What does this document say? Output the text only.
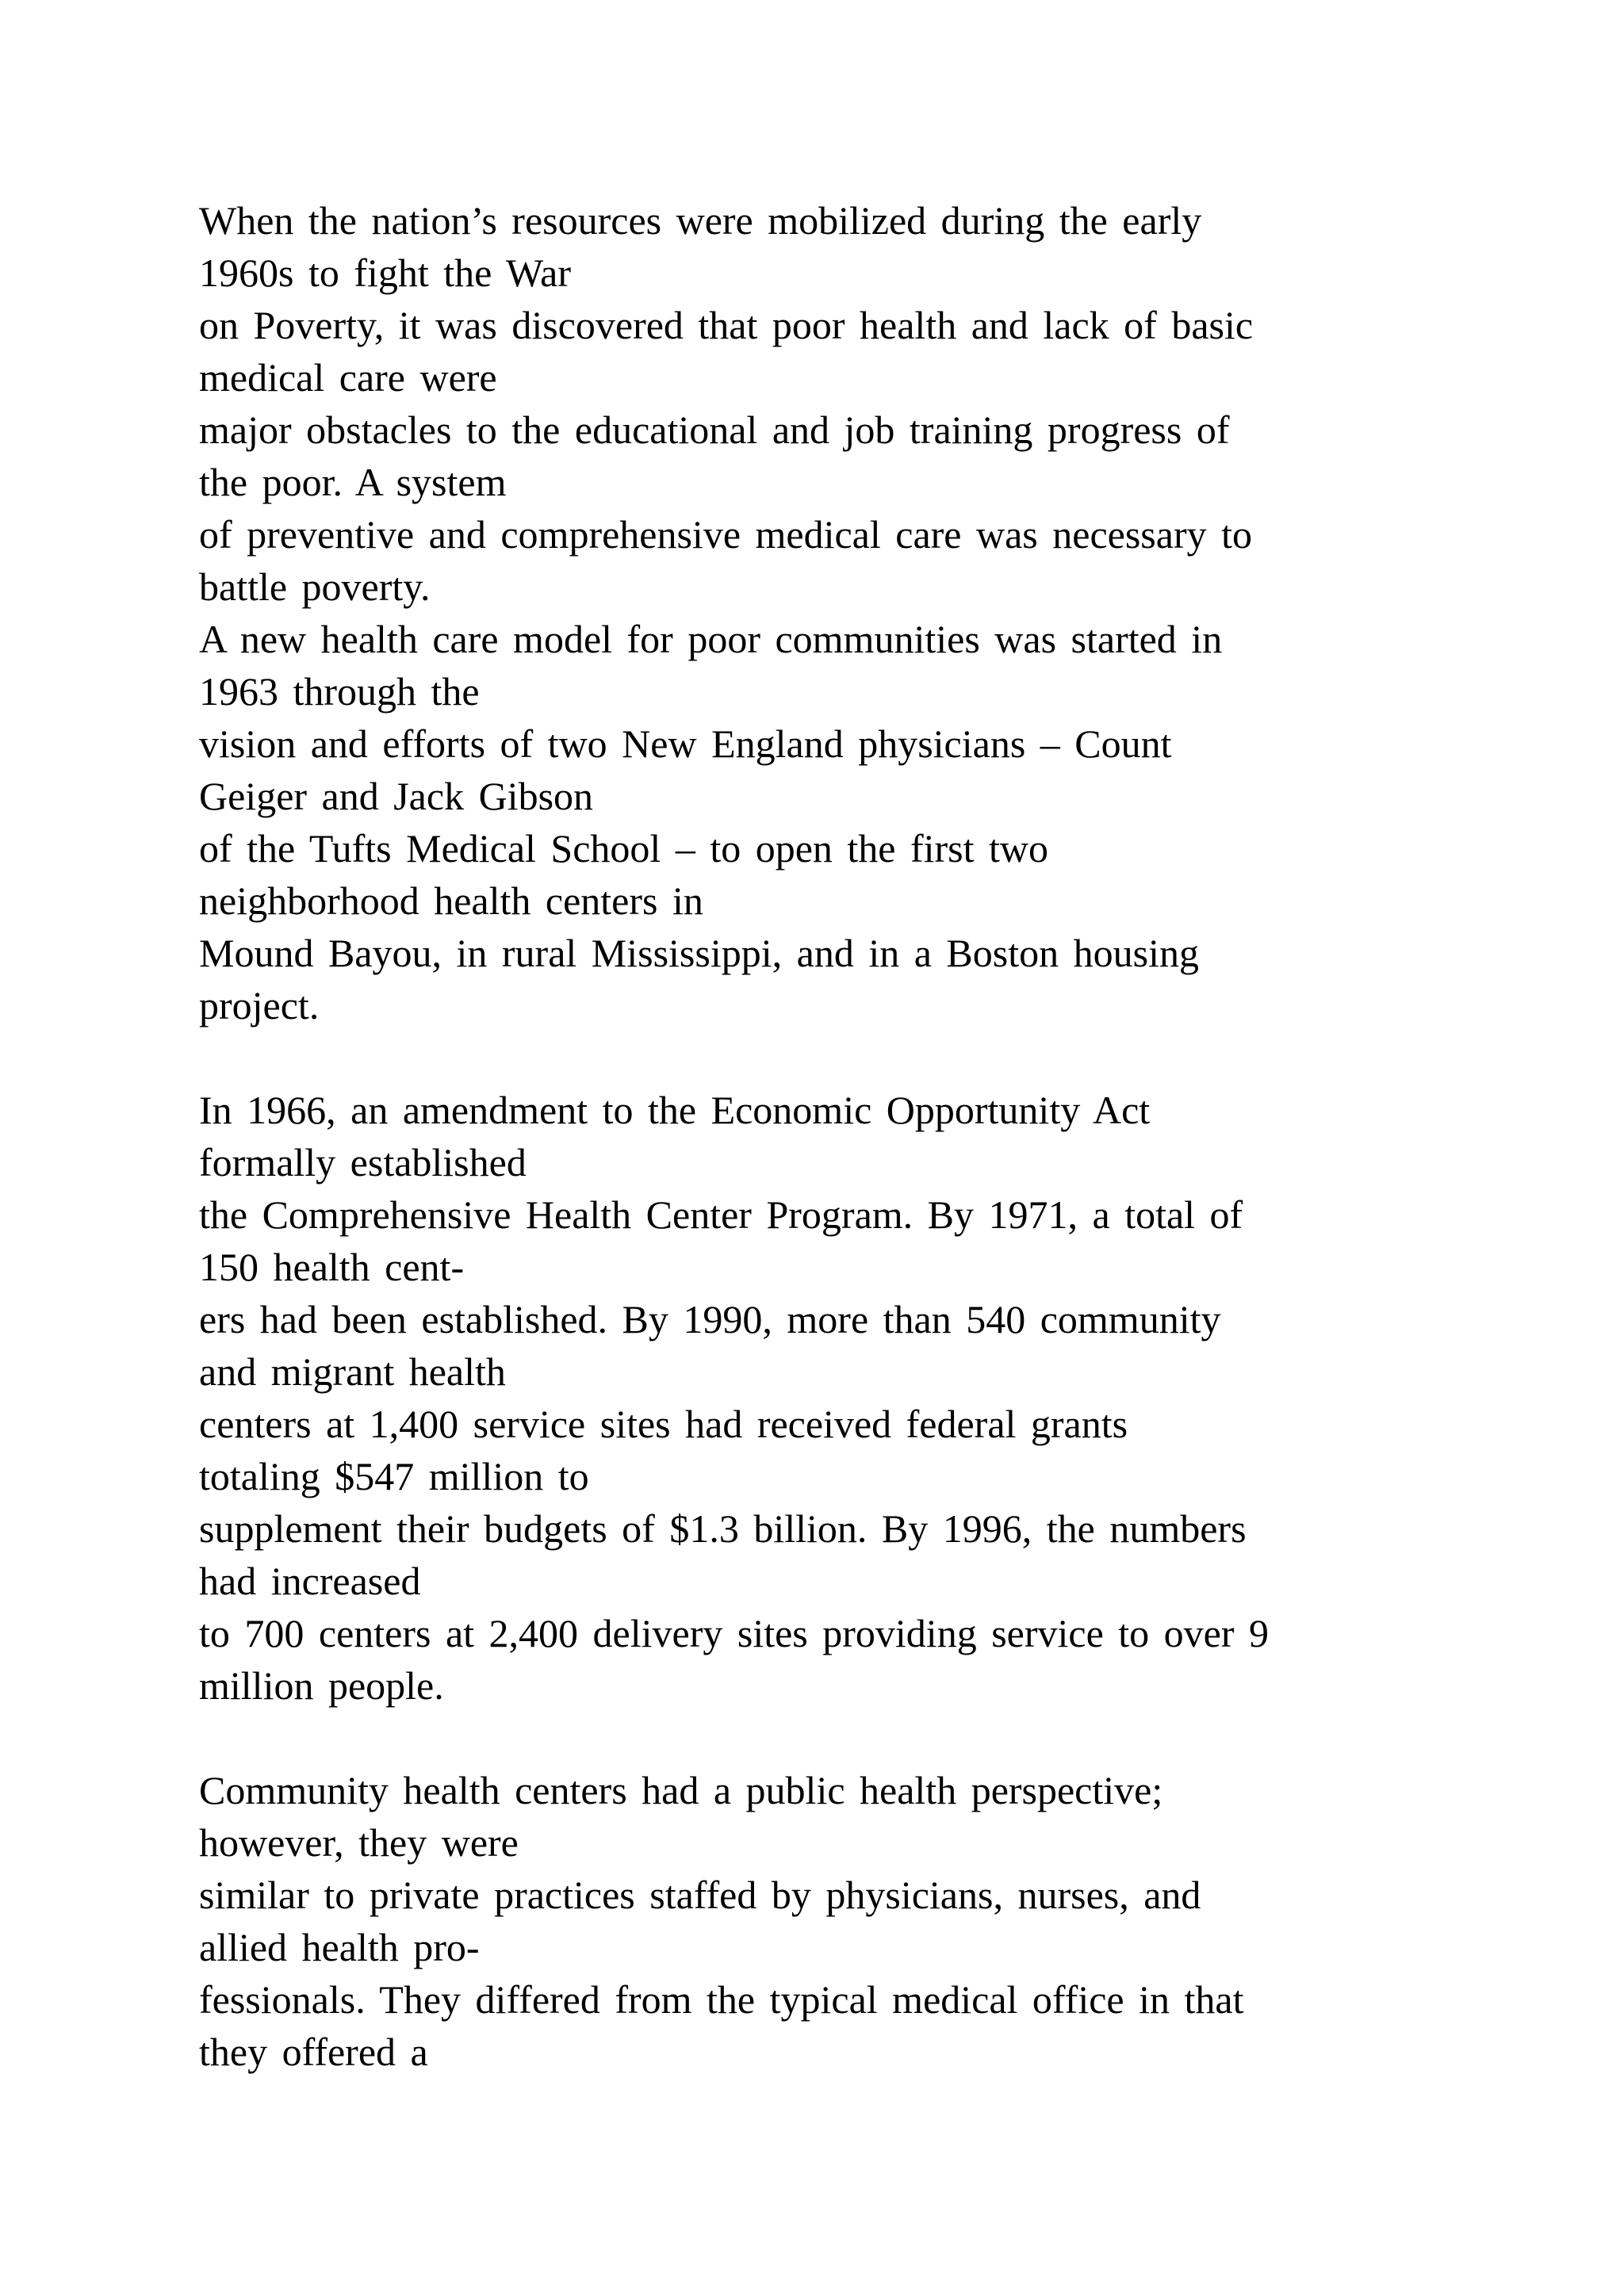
When the nation’s resources were mobilized during the early
1960s to fight the War
on Poverty, it was discovered that poor health and lack of basic
medical care were
major obstacles to the educational and job training progress of
the poor. A system
of preventive and comprehensive medical care was necessary to
battle poverty.
A new health care model for poor communities was started in
1963 through the
vision and efforts of two New England physicians – Count
Geiger and Jack Gibson
of the Tufts Medical School – to open the first two
neighborhood health centers in
Mound Bayou, in rural Mississippi, and in a Boston housing
project.
In 1966, an amendment to the Economic Opportunity Act
formally established
the Comprehensive Health Center Program. By 1971, a total of
150 health cent-
ers had been established. By 1990, more than 540 community
and migrant health
centers at 1,400 service sites had received federal grants
totaling $547 million to
supplement their budgets of $1.3 billion. By 1996, the numbers
had increased
to 700 centers at 2,400 delivery sites providing service to over 9
million people.
Community health centers had a public health perspective;
however, they were
similar to private practices staffed by physicians, nurses, and
allied health pro-
fessionals. They differed from the typical medical office in that
they offered a
